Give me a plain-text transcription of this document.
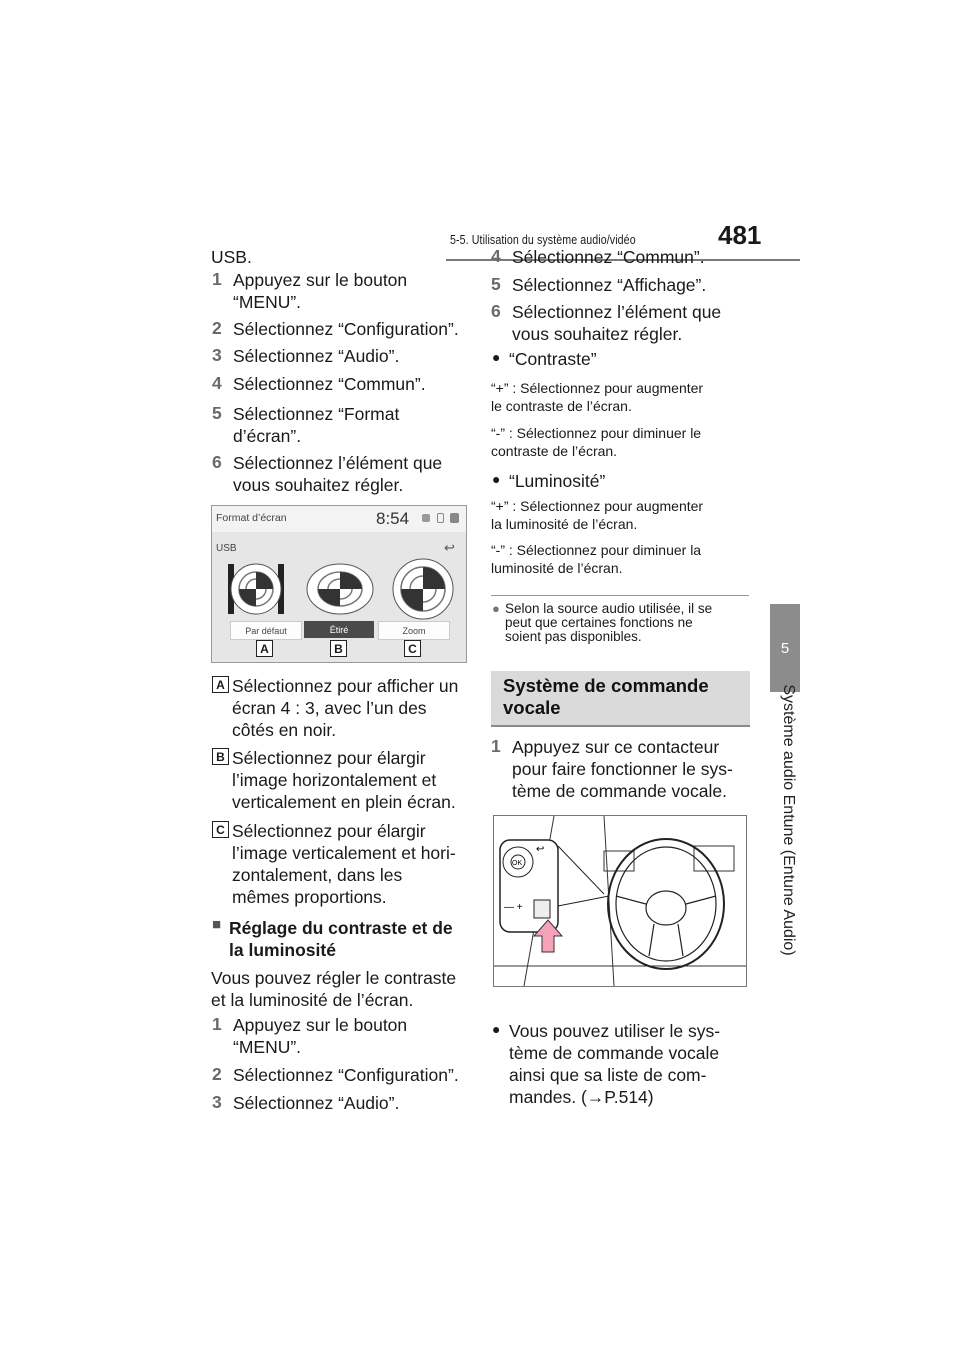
5-5. Utilisation du système audio/vidéo	481
5
Système audio Entune (Entune Audio)
USB.
1 Appuyez sur le bouton
“MENU”.
2 Sélectionnez “Configuration”.
3 Sélectionnez “Audio”.
4 Sélectionnez “Commun”.
5 Sélectionnez “Format
d’écran”.
6 Sélectionnez l’élément que
vous souhaitez régler.
Format d’écran	8:54
USB	↩
Par défaut	Étiré	Zoom
A	B	C
A Sélectionnez pour afficher un
écran 4 : 3, avec l’un des
côtés en noir.
B Sélectionnez pour élargir
l’image horizontalement et
verticalement en plein écran.
C Sélectionnez pour élargir
l’image verticalement et hori-
zontalement, dans les
mêmes proportions.
■ Réglage du contraste et de
la luminosité
Vous pouvez régler le contraste
et la luminosité de l’écran.
1 Appuyez sur le bouton
“MENU”.
2 Sélectionnez “Configuration”.
3 Sélectionnez “Audio”.
4 Sélectionnez “Commun”.
5 Sélectionnez “Affichage”.
6 Sélectionnez l’élément que
vous souhaitez régler.
● “Contraste”
“+” : Sélectionnez pour augmenter
le contraste de l’écran.
“-” : Sélectionnez pour diminuer le
contraste de l’écran.
● “Luminosité”
“+” : Sélectionnez pour augmenter
la luminosité de l’écran.
“-” : Sélectionnez pour diminuer la
luminosité de l’écran.
● Selon la source audio utilisée, il se
peut que certaines fonctions ne
soient pas disponibles.
Système de commande
vocale
1 Appuyez sur ce contacteur
pour faire fonctionner le sys-
tème de commande vocale.
OK
↩
— +
● Vous pouvez utiliser le sys-
tème de commande vocale
ainsi que sa liste de com-
mandes. (→P.514)
